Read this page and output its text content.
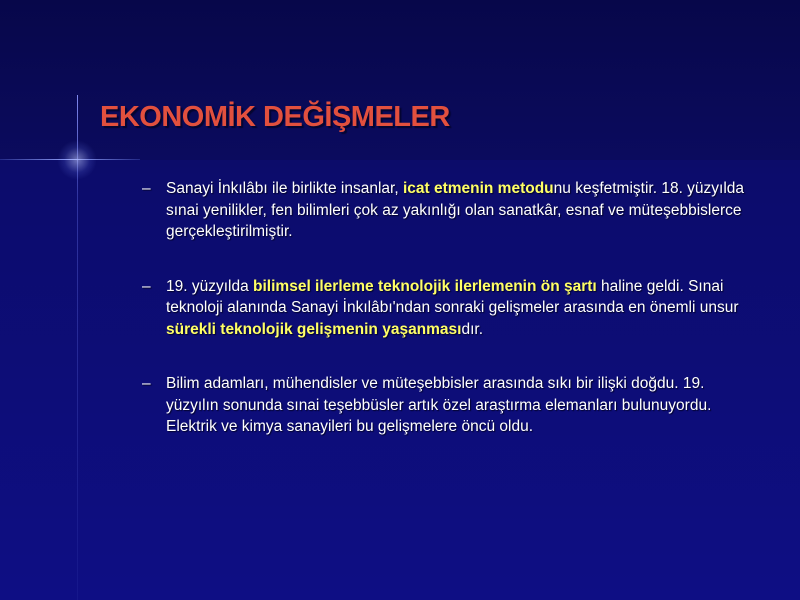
EKONOMİK DEĞİŞMELER
– Sanayi İnkılâbı ile birlikte insanlar, icat etmenin metodunu keşfetmiştir. 18. yüzyılda sınai yenilikler, fen bilimleri çok az yakınlığı olan sanatkâr, esnaf ve müteşebbislerce gerçekleştirilmiştir.
– 19. yüzyılda bilimsel ilerleme teknolojik ilerlemenin ön şartı haline geldi. Sınai teknoloji alanında Sanayi İnkılâbı'ndan sonraki gelişmeler arasında en önemli unsur sürekli teknolojik gelişmenin yaşanmasıdır.
– Bilim adamları, mühendisler ve müteşebbisler arasında sıkı bir ilişki doğdu. 19. yüzyılın sonunda sınai teşebbüsler artık özel araştırma elemanları bulunuyordu. Elektrik ve kimya sanayileri bu gelişmelere öncü oldu.
